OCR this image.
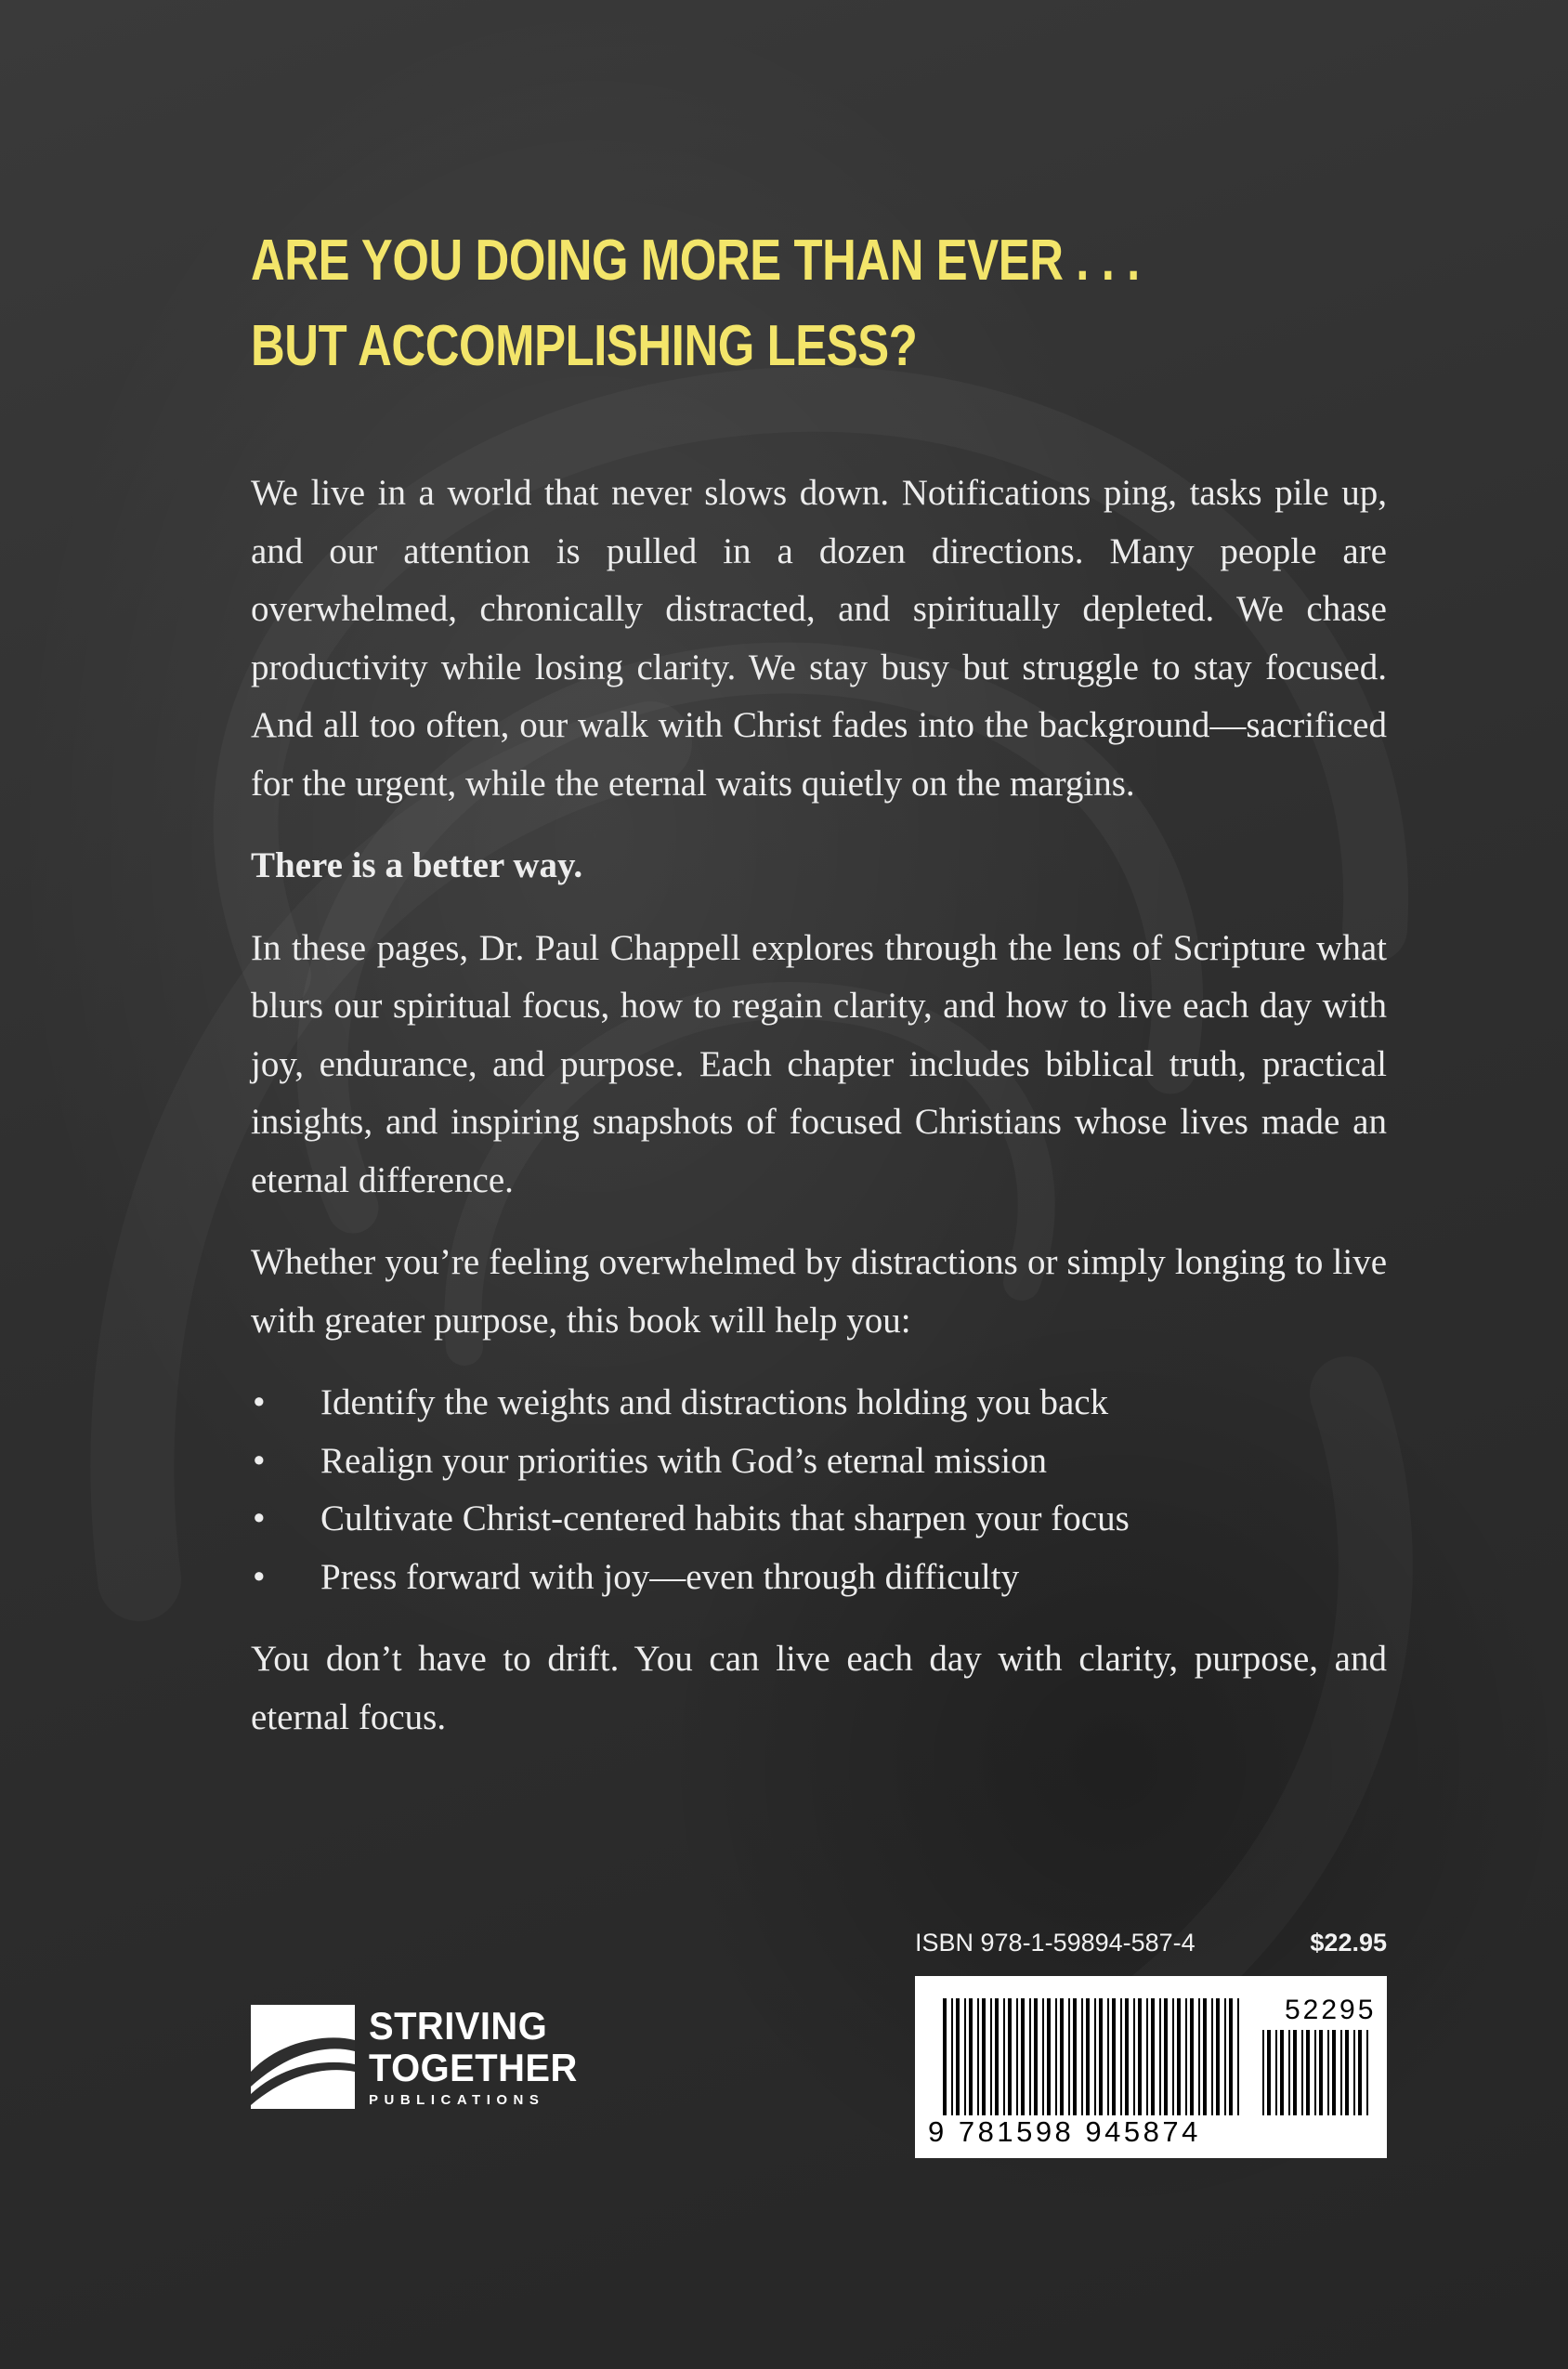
ARE YOU DOING MORE THAN EVER . . .
BUT ACCOMPLISHING LESS?

We live in a world that never slows down. Notifications ping, tasks pile up, and our attention is pulled in a dozen directions. Many people are overwhelmed, chronically distracted, and spiritually depleted. We chase productivity while losing clarity. We stay busy but struggle to stay focused. And all too often, our walk with Christ fades into the background—sacrificed for the urgent, while the eternal waits quietly on the margins.

There is a better way.

In these pages, Dr. Paul Chappell explores through the lens of Scripture what blurs our spiritual focus, how to regain clarity, and how to live each day with joy, endurance, and purpose. Each chapter includes biblical truth, practical insights, and inspiring snapshots of focused Christians whose lives made an eternal difference.

Whether you’re feeling overwhelmed by distractions or simply longing to live with greater purpose, this book will help you:

• Identify the weights and distractions holding you back
• Realign your priorities with God’s eternal mission
• Cultivate Christ-centered habits that sharpen your focus
• Press forward with joy—even through difficulty

You don’t have to drift. You can live each day with clarity, purpose, and eternal focus.

ISBN 978-1-59894-587-4	$22.95
52295
9 781598 945874
STRIVING
TOGETHER
PUBLICATIONS
